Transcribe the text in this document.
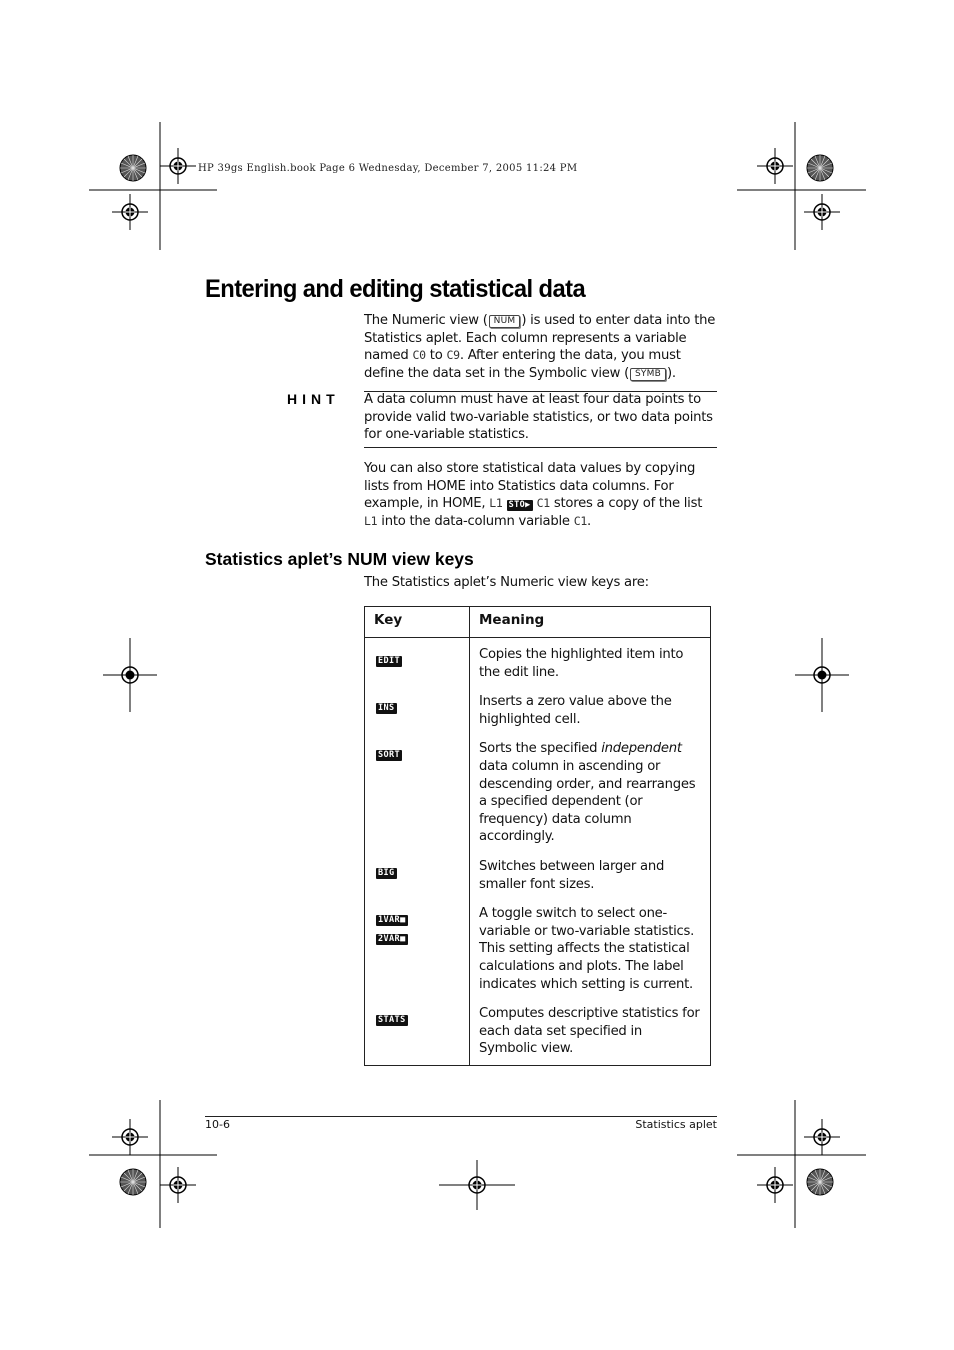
HP 39gs English.book Page 6 Wednesday, December 7, 2005 11:24 PM
Entering and editing statistical data
The Numeric view ( NUM ) is used to enter data into the Statistics aplet. Each column represents a variable named C0 to C9. After entering the data, you must define the data set in the Symbolic view ( SYMB ).
HINT A data column must have at least four data points to provide valid two-variable statistics, or two data points for one-variable statistics.
You can also store statistical data values by copying lists from HOME into Statistics data columns. For example, in HOME, L1 STO▶ C1 stores a copy of the list L1 into the data-column variable C1.
Statistics aplet’s NUM view keys
The Statistics aplet’s Numeric view keys are:
Key	Meaning
EDIT	Copies the highlighted item into the edit line.
INS	Inserts a zero value above the highlighted cell.
SORT	Sorts the specified independent data column in ascending or descending order, and rearranges a specified dependent (or frequency) data column accordingly.
BIG	Switches between larger and smaller font sizes.
1VAR■
2VAR■	A toggle switch to select one-variable or two-variable statistics. This setting affects the statistical calculations and plots. The label indicates which setting is current.
STATS	Computes descriptive statistics for each data set specified in Symbolic view.
10-6	Statistics aplet
